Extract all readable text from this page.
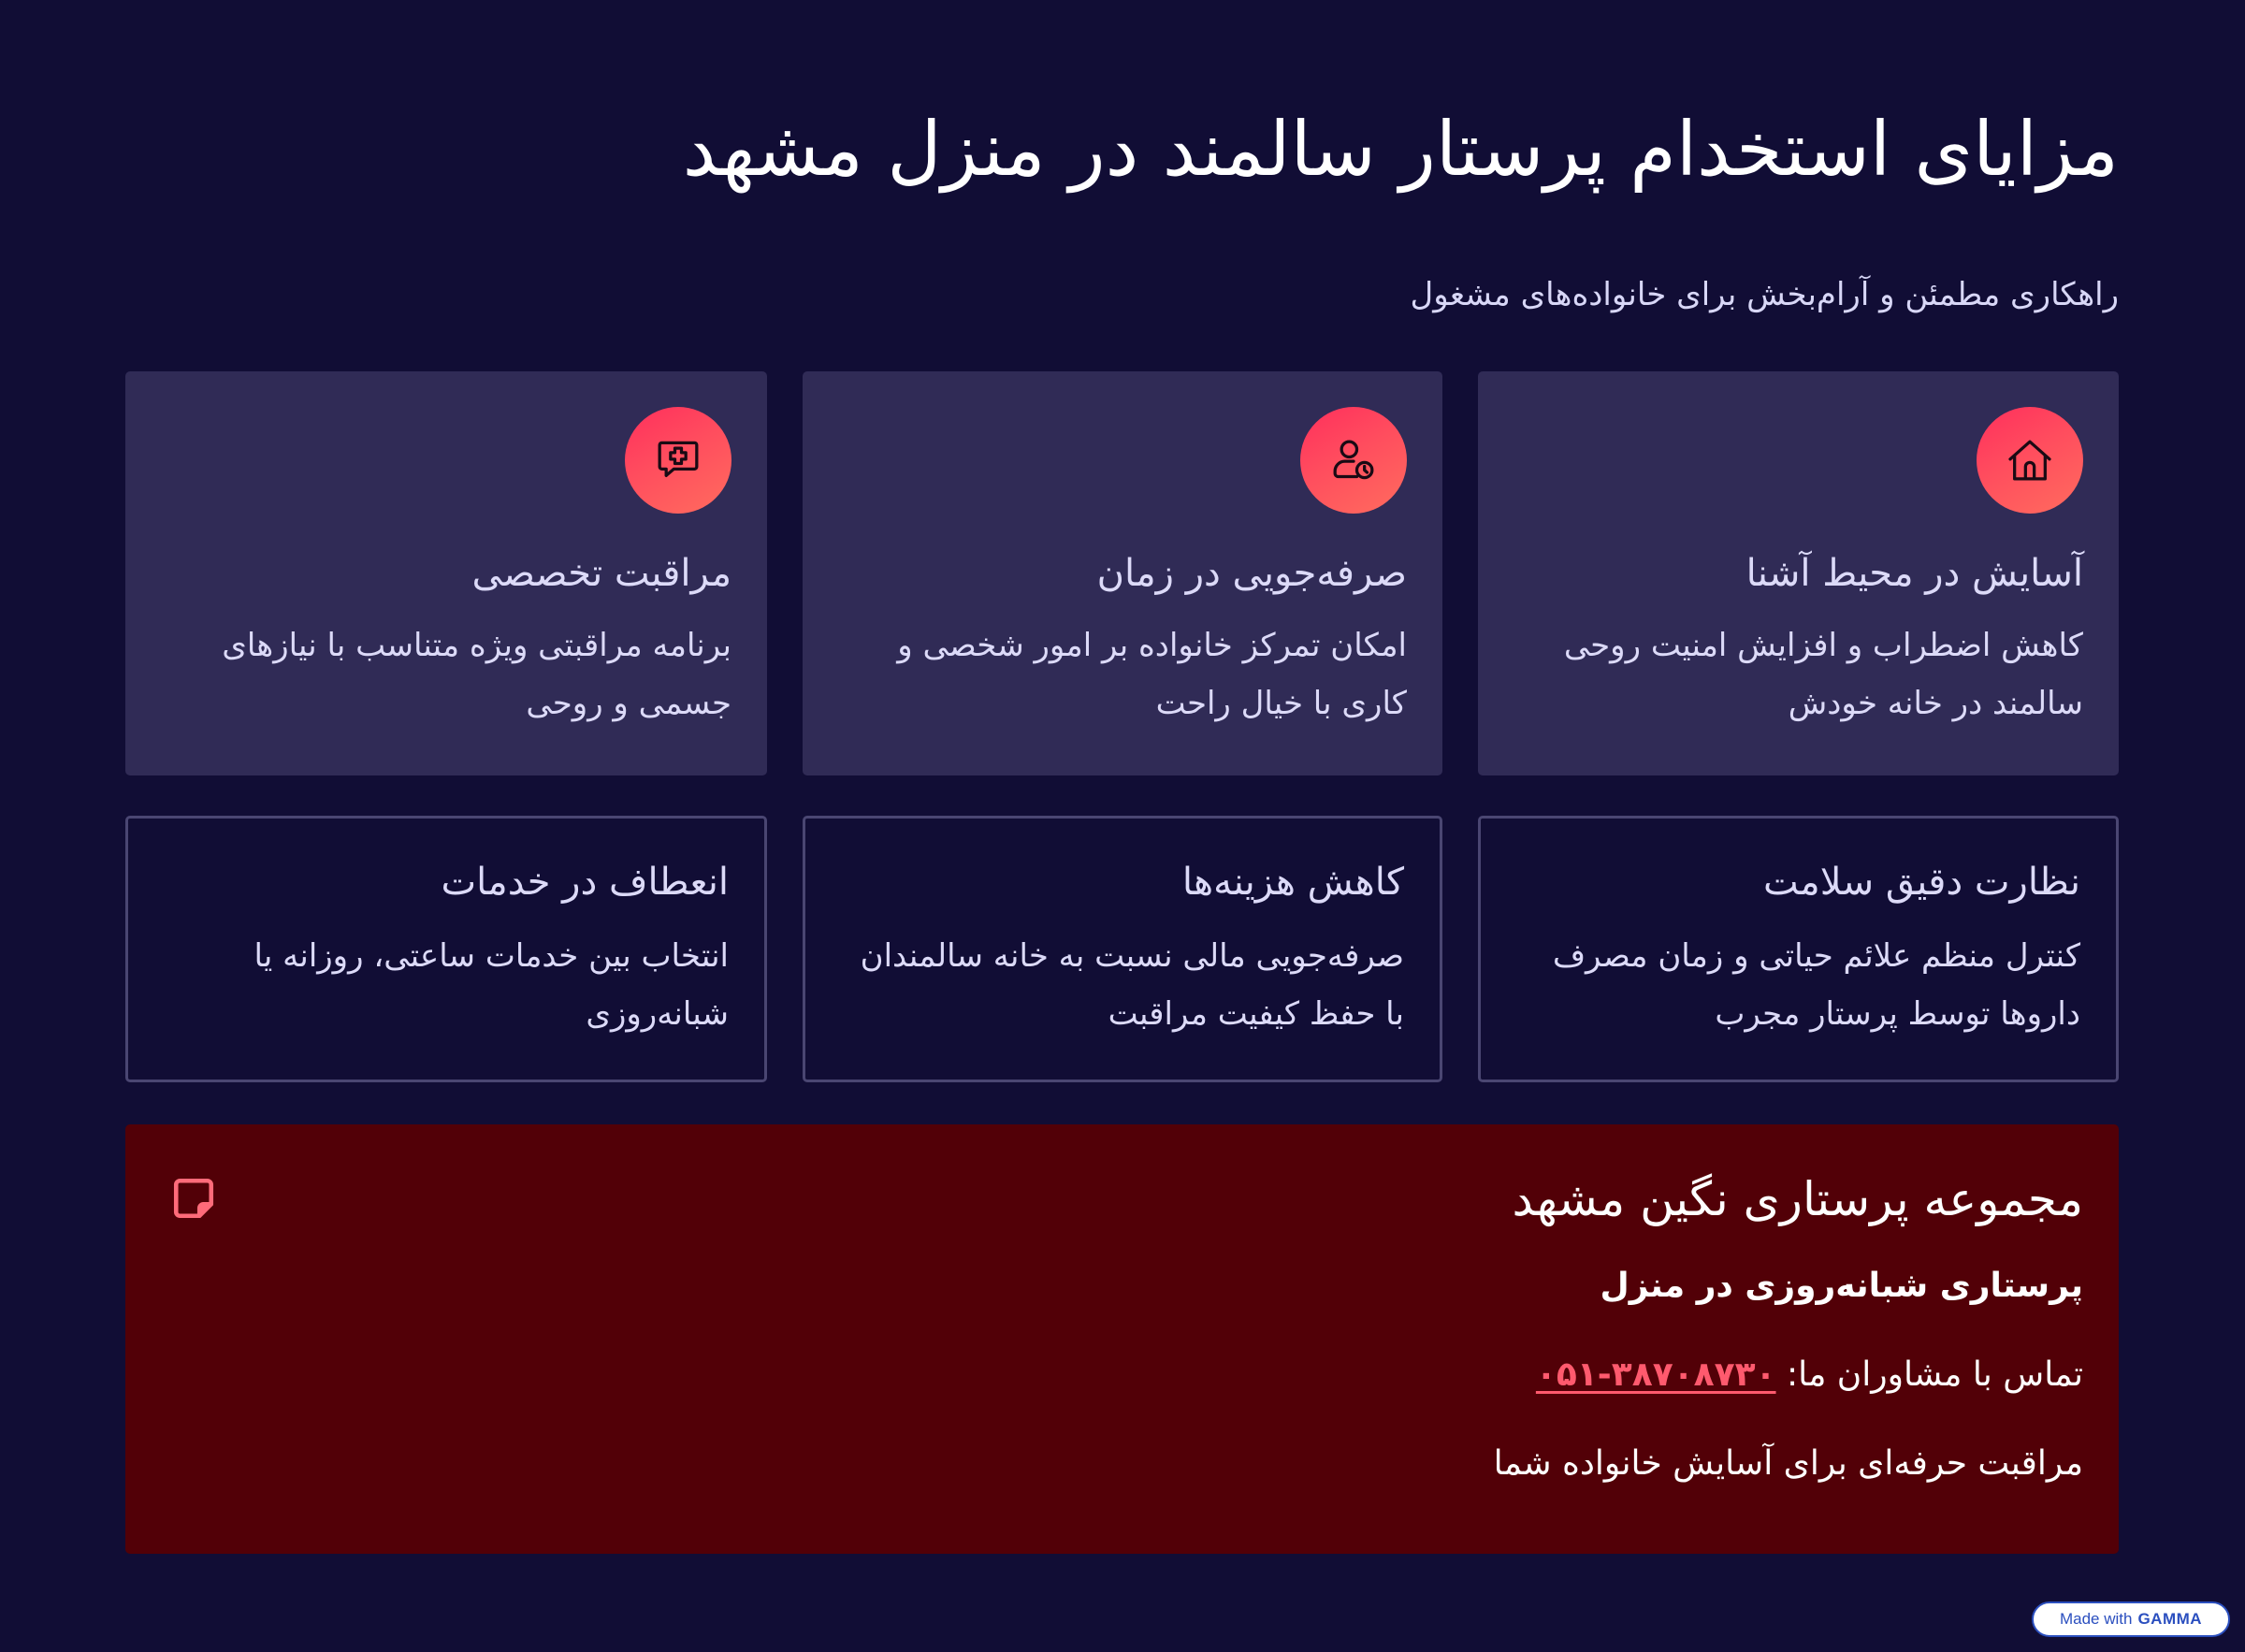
مزایای استخدام پرستار سالمند در منزل مشهد

راهکاری مطمئن و آرام‌بخش برای خانواده‌های مشغول

آسایش در محیط آشنا
کاهش اضطراب و افزایش امنیت روحی سالمند در خانه خودش
صرفه‌جویی در زمان
امکان تمرکز خانواده بر امور شخصی و کاری با خیال راحت
مراقبت تخصصی
برنامه مراقبتی ویژه متناسب با نیازهای جسمی و روحی
نظارت دقیق سلامت
کنترل منظم علائم حیاتی و زمان مصرف داروها توسط پرستار مجرب
کاهش هزینه‌ها
صرفه‌جویی مالی نسبت به خانه سالمندان با حفظ کیفیت مراقبت
انعطاف در خدمات
انتخاب بین خدمات ساعتی، روزانه یا شبانه‌روزی
مجموعه پرستاری نگین مشهد
پرستاری شبانه‌روزی در منزل
تماس با مشاوران ما: ۰۵۱-۳۸۷۰۸۷۳۰
مراقبت حرفه‌ای برای آسایش خانواده شما
Made with GAMMA
